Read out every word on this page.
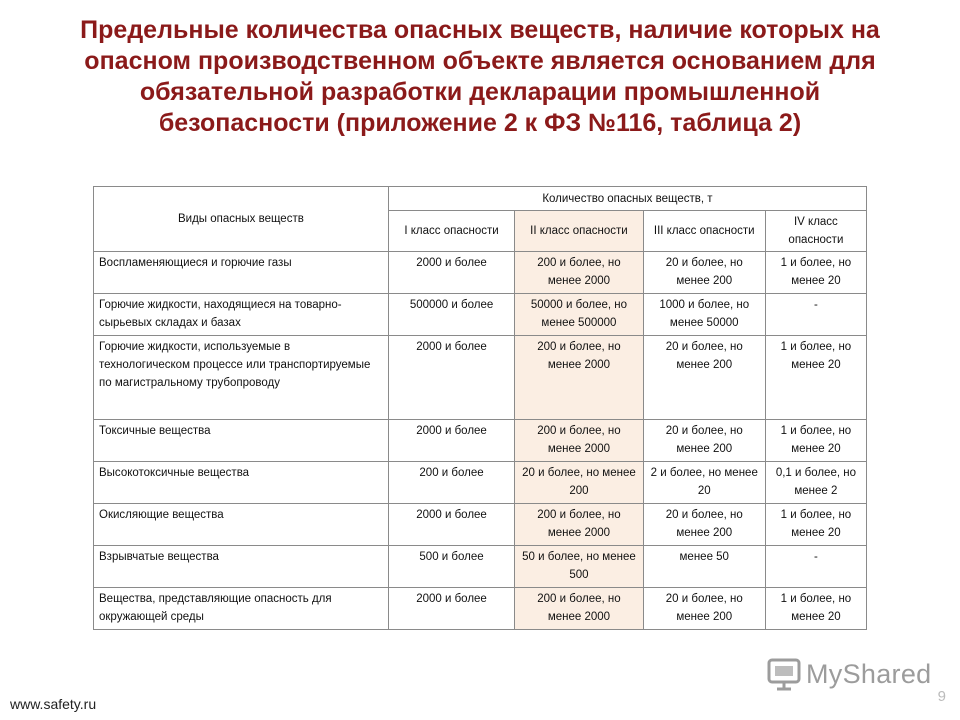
Предельные количества опасных веществ, наличие которых на
опасном производственном объекте является основанием для
обязательной разработки декларации промышленной
безопасности (приложение 2 к ФЗ №116, таблица 2)
Виды опасных веществ	Количество опасных веществ, т			
	I класс опасности	II класс опасности	III класс опасности	IV класс опасности
Воспламеняющиеся и горючие газы	2000 и более	200 и более, но менее 2000	20 и более, но менее 200	1 и более, но менее 20
Горючие жидкости, находящиеся на товарно-сырьевых складах и базах	500000 и более	50000 и более, но менее 500000	1000 и более, но менее 50000	-
Горючие жидкости, используемые в технологическом процессе или транспортируемые по магистральному трубопроводу	2000 и более	200 и более, но менее 2000	20 и более, но менее 200	1 и более, но менее 20
Токсичные вещества	2000 и более	200 и более, но менее 2000	20 и более, но менее 200	1 и более, но менее 20
Высокотоксичные вещества	200 и более	20 и более, но менее 200	2 и более, но менее 20	0,1 и более, но менее 2
Окисляющие вещества	2000 и более	200 и более, но менее 2000	20 и более, но менее 200	1 и более, но менее 20
Взрывчатые вещества	500 и более	50 и более, но менее 500	менее 50	-
Вещества, представляющие опасность для окружающей среды	2000 и более	200 и более, но менее 2000	20 и более, но менее 200	1 и более, но менее 20
MyShared
www.safety.ru	9
